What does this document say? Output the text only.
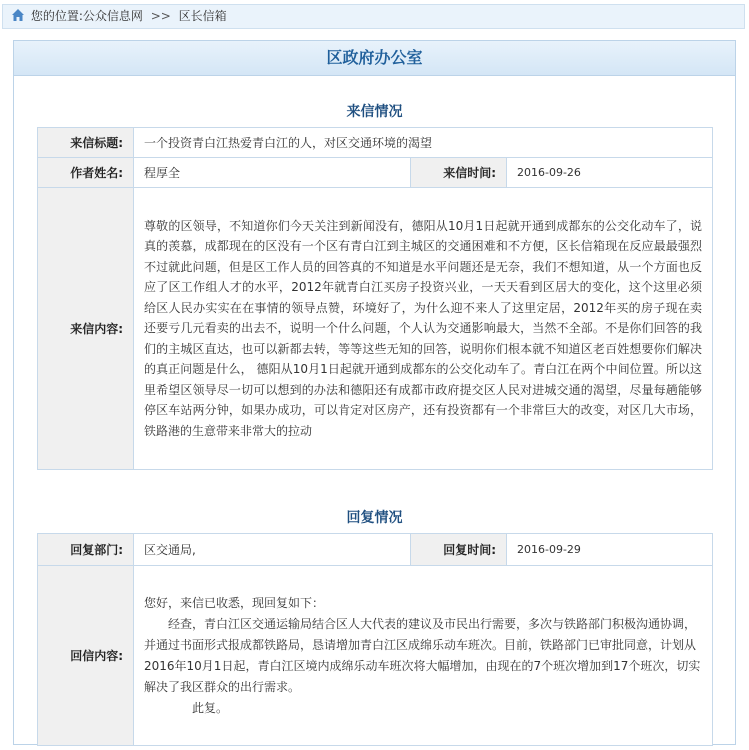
您的位置:公众信息网 >> 区长信箱
区政府办公室
来信情况
来信标题:	一个投资青白江热爱青白江的人，对区交通环境的渴望		
作者姓名:	程厚全	来信时间:	2016-09-26
来信内容:	尊敬的区领导，不知道你们今天关注到新闻没有，德阳从10月1日起就开通到成都东的公交化动车了，说真的羡慕，成都现在的区没有一个区有青白江到主城区的交通困难和不方便，区长信箱现在反应最最强烈不过就此问题，但是区工作人员的回答真的不知道是水平问题还是无奈，我们不想知道，从一个方面也反应了区工作组人才的水平，2012年就青白江买房子投资兴业，一天天看到区居大的变化，这个这里必须给区人民办实实在在事情的领导点赞，环境好了，为什么迎不来人了这里定居，2012年买的房子现在卖还要亏几元看卖的出去不，说明一个什么问题，个人认为交通影响最大，当然不全部。不是你们回答的我们的主城区直达，也可以新都去转，等等这些无知的回答，说明你们根本就不知道区老百姓想要你们解决的真正问题是什么， 德阳从10月1日起就开通到成都东的公交化动车了。青白江在两个中间位置。所以这里希望区领导尽一切可以想到的办法和德阳还有成都市政府提交区人民对进城交通的渴望，尽量每趟能够停区车站两分钟，如果办成功，可以肯定对区房产，还有投资都有一个非常巨大的改变，对区几大市场，铁路港的生意带来非常大的拉动		
回复情况
回复部门:	区交通局,	回复时间:	2016-09-29
回信内容:	您好，来信已收悉，现回复如下：

经查，青白江区交通运输局结合区人大代表的建议及市民出行需要，多次与铁路部门积极沟通协调，并通过书面形式报成都铁路局，恳请增加青白江区成绵乐动车班次。目前，铁路部门已审批同意，计划从2016年10月1日起，青白江区境内成绵乐动车班次将大幅增加，由现在的7个班次增加到17个班次，切实解决了我区群众的出行需求。

此复。		
